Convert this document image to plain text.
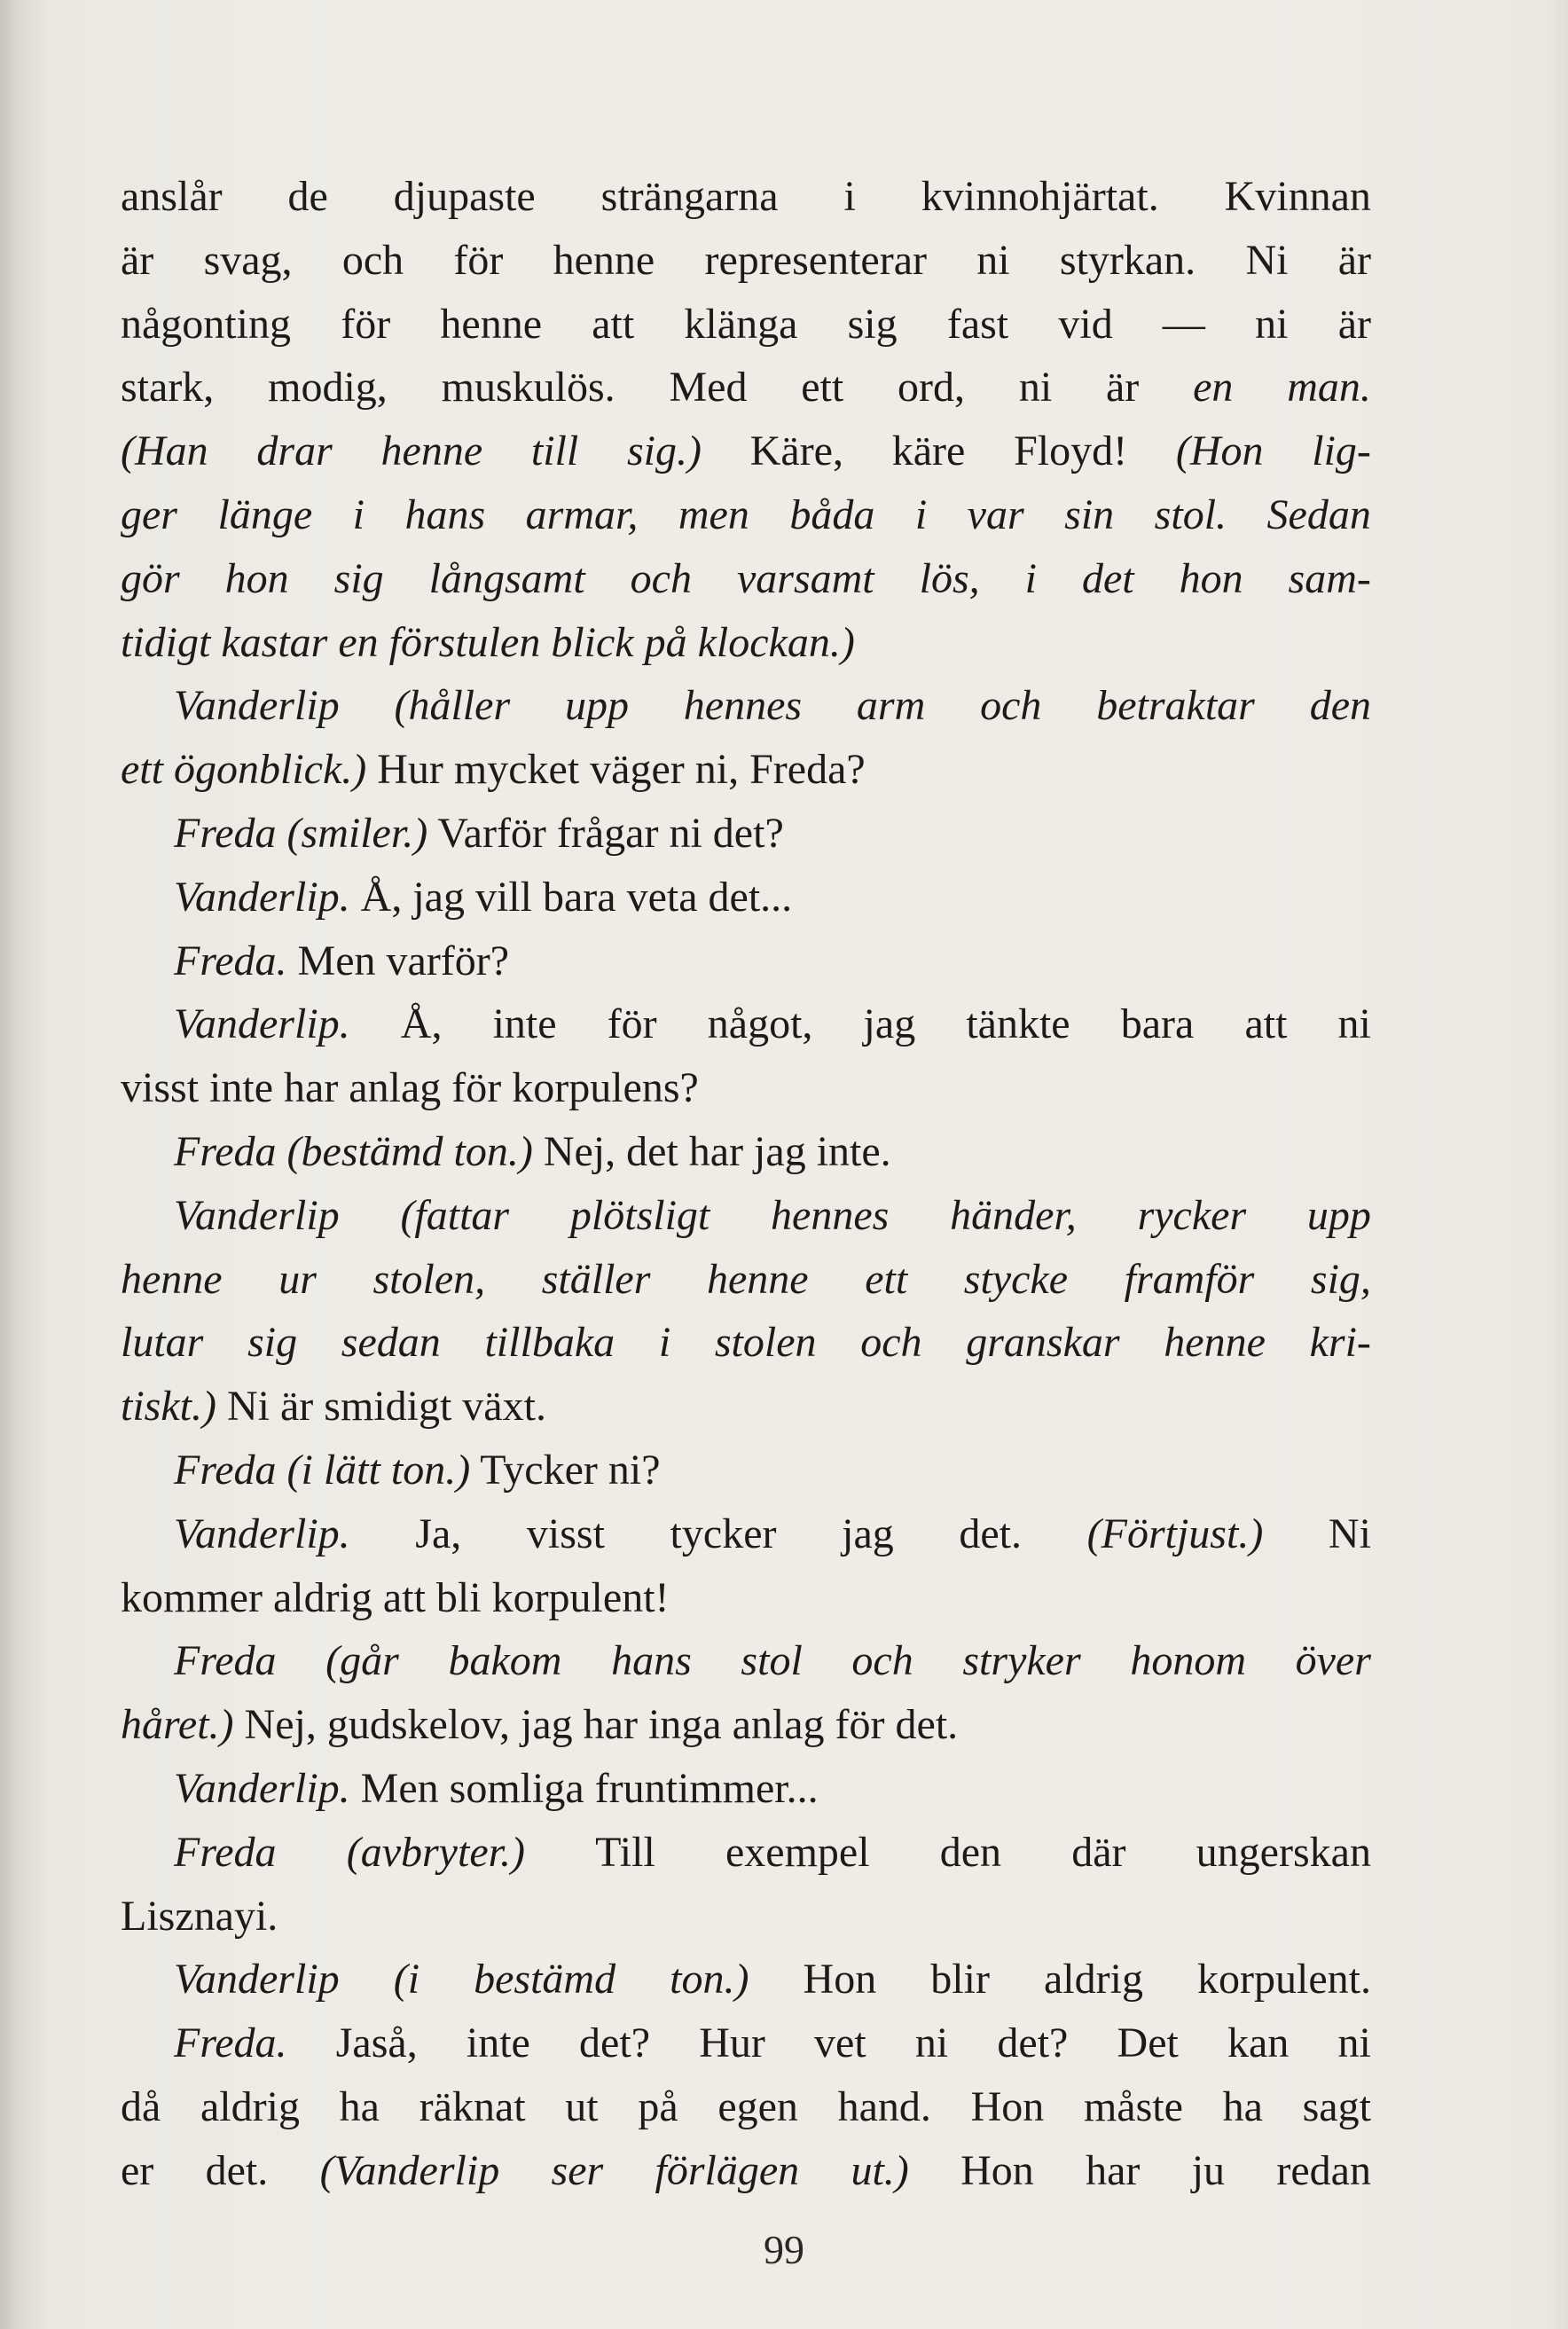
anslår de djupaste strängarna i kvinnohjärtat. Kvinnan
är svag, och för henne representerar ni styrkan. Ni är
någonting för henne att klänga sig fast vid — ni är
stark, modig, muskulös. Med ett ord, ni är en man.
(Han drar henne till sig.) Käre, käre Floyd! (Hon lig-
ger länge i hans armar, men båda i var sin stol. Sedan
gör hon sig långsamt och varsamt lös, i det hon sam-
tidigt kastar en förstulen blick på klockan.)
Vanderlip (håller upp hennes arm och betraktar den
ett ögonblick.) Hur mycket väger ni, Freda?
Freda (smiler.) Varför frågar ni det?
Vanderlip. Å, jag vill bara veta det...
Freda. Men varför?
Vanderlip. Å, inte för något, jag tänkte bara att ni
visst inte har anlag för korpulens?
Freda (bestämd ton.) Nej, det har jag inte.
Vanderlip (fattar plötsligt hennes händer, rycker upp
henne ur stolen, ställer henne ett stycke framför sig,
lutar sig sedan tillbaka i stolen och granskar henne kri-
tiskt.) Ni är smidigt växt.
Freda (i lätt ton.) Tycker ni?
Vanderlip. Ja, visst tycker jag det. (Förtjust.) Ni
kommer aldrig att bli korpulent!
Freda (går bakom hans stol och stryker honom över
håret.) Nej, gudskelov, jag har inga anlag för det.
Vanderlip. Men somliga fruntimmer...
Freda (avbryter.) Till exempel den där ungerskan
Lisznayi.
Vanderlip (i bestämd ton.) Hon blir aldrig korpulent.
Freda. Jaså, inte det? Hur vet ni det? Det kan ni
då aldrig ha räknat ut på egen hand. Hon måste ha sagt
er det. (Vanderlip ser förlägen ut.) Hon har ju redan
99
